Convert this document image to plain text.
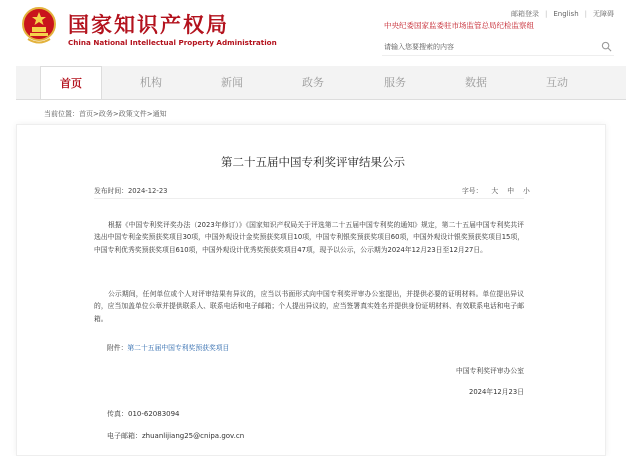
国家知识产权局
China National Intellectual Property Administration
邮箱登录 | English | 无障碍
中央纪委国家监委驻市场监管总局纪检监察组
请输入您要搜索的内容
首页	机构	新闻	政务	服务	数据	互动
当前位置：首页>政务>政策文件>通知
第二十五届中国专利奖评审结果公示
发布时间：2024-12-23	字号： 大 中 小
根据《中国专利奖评奖办法（2023年修订）》《国家知识产权局关于评选第二十五届中国专利奖的通知》规定，第二十五届中国专利奖共评选出中国专利金奖预获奖项目30项，中国外观设计金奖预获奖项目10项，中国专利银奖预获奖项目60项，中国外观设计银奖预获奖项目15项，中国专利优秀奖预获奖项目610项，中国外观设计优秀奖预获奖项目47项，现予以公示，公示期为2024年12月23日至12月27日。
公示期间，任何单位或个人对评审结果有异议的，应当以书面形式向中国专利奖评审办公室提出，并提供必要的证明材料。单位提出异议的，应当加盖单位公章并提供联系人、联系电话和电子邮箱；个人提出异议的，应当签署真实姓名并提供身份证明材料、有效联系电话和电子邮箱。
附件：第二十五届中国专利奖预获奖项目
中国专利奖评审办公室
2024年12月23日
传真：010-62083094
电子邮箱：zhuanlijiang25@cnipa.gov.cn
